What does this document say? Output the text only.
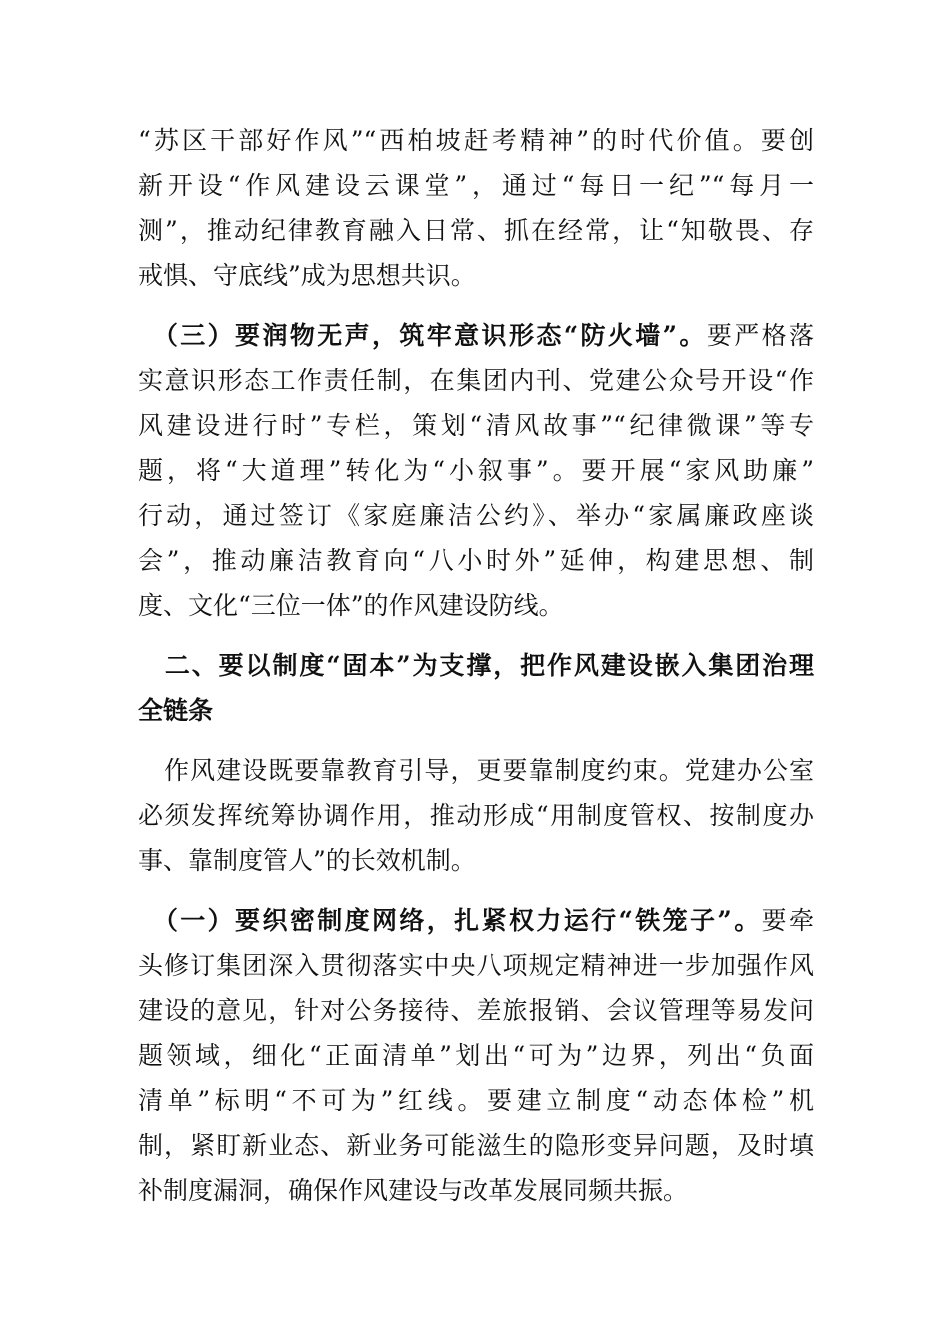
“苏区干部好作风”“西柏坡赶考精神”的时代价值。要创
新开设“作风建设云课堂”，通过“每日一纪”“每月一
测”，推动纪律教育融入日常、抓在经常，让“知敬畏、存
戒惧、守底线”成为思想共识。
　（三）要润物无声，筑牢意识形态“防火墙”。要严格落
实意识形态工作责任制，在集团内刊、党建公众号开设“作
风建设进行时”专栏，策划“清风故事”“纪律微课”等专
题，将“大道理”转化为“小叙事”。要开展“家风助廉”
行动，通过签订《家庭廉洁公约》、举办“家属廉政座谈
会”，推动廉洁教育向“八小时外”延伸，构建思想、制
度、文化“三位一体”的作风建设防线。
　二、要以制度“固本”为支撑，把作风建设嵌入集团治理
全链条
　作风建设既要靠教育引导，更要靠制度约束。党建办公室
必须发挥统筹协调作用，推动形成“用制度管权、按制度办
事、靠制度管人”的长效机制。
　（一）要织密制度网络，扎紧权力运行“铁笼子”。要牵
头修订集团深入贯彻落实中央八项规定精神进一步加强作风
建设的意见，针对公务接待、差旅报销、会议管理等易发问
题领域，细化“正面清单”划出“可为”边界，列出“负面
清单”标明“不可为”红线。要建立制度“动态体检”机
制，紧盯新业态、新业务可能滋生的隐形变异问题，及时填
补制度漏洞，确保作风建设与改革发展同频共振。
